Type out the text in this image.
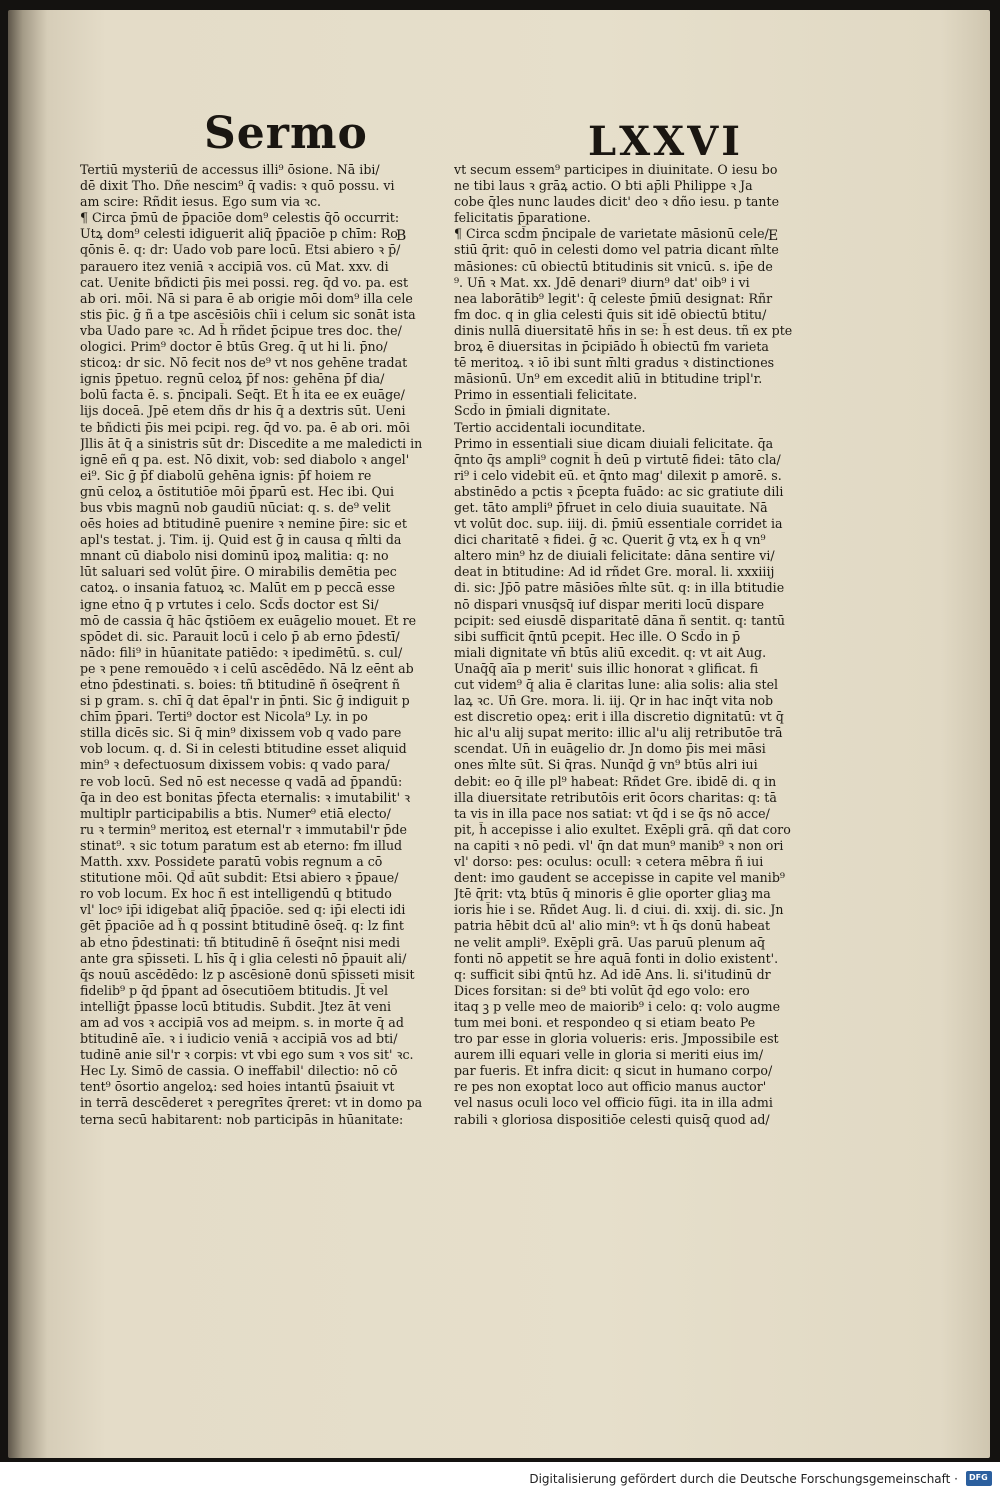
Sermo	LXXVI
Tertiū mysteriū de accessus illi⁹ ōsione. Nā ibi/
dē dixit Tho. Dñe nescim⁹ q̄ vadis: ꝛ quō possu. vi
am scire: Rñdit iesus. Ego sum via ꝛc.
¶ Circa p̄mū de p̄paciōe dom⁹ celestis q̄ō occurrit:
Utꝝ dom⁹ celesti idiguerit aliq̄ p̄paciōe p chīm: Ro
qōnis ē. q: dr: Uado vob pare locū. Etsi abiero ꝛ p̄/
parauero itez veniā ꝛ accipiā vos. cū Mat. xxv. di
cat. Uenite bñdicti p̄is mei possi. reg. q̄d vo. pa. est
ab ori. mōi. Nā si para ē ab origie mōi dom⁹ illa cele
stis p̄ic. ḡ ñ a tpe ascēsiōis chīi i celum sic sonāt ista
vba Uado pare ꝛc. Ad h̄ rñdet p̄cipue tres doc. the/
ologici. Prim⁹ doctor ē btūs Greg. q̄ ut hi li. p̄no/
sticoꝝ: dr sic. Nō fecit nos de⁹ vt nos gehēne tradat
ignis p̄petuo. regnū celoꝝ p̄f nos: gehēna p̄f dia/
bolū facta ē. s. p̄ncipali. Seq̄t. Et h̄ ita ee ex euāge/
lijs doceā. Jpē etem dñs dr his q̄ a dextris sūt. Ueni
te bñdicti p̄is mei pcipi. reg. q̄d vo. pa. ē ab ori. mōi
Jllis āt q̄ a sinistris sūt dr: Discedite a me maledicti in
ignē eñ q pa. est. Nō dixit, vob: sed diabolo ꝛ angel'
ei⁹. Sic ḡ p̄f diabolū gehēna ignis: p̄f hoiem re
gnū celoꝝ a ōstitutiōe mōi p̄parū est. Hec ibi. Qui
bus vbis magnū nob gaudiū nūciat: q. s. de⁹ velit
oēs hoies ad btitudinē puenire ꝛ nemine p̄ire: sic et
apl's testat. j. Tim. ij. Quid est ḡ in causa q m̄lti da
mnant cū diabolo nisi dominū ipoꝝ malitia: q: no
lūt saluari sed volūt p̄ire. O mirabilis demētia pec
catoꝝ. o insania fatuoꝝ ꝛc. Malūt em p peccā esse
igne eṫno q̄ p vrtutes i celo. Scd̄s doctor est Si/
mō de cassia q̄ hāc q̄stiōem ex euāgelio mouet. Et re
spōdet di. sic. Parauit locū i celo p̄ ab erno p̄destī/
nādo: fili⁹ in hūanitate patiēdo: ꝛ ipedimētū. s. cul/
pe ꝛ pene remouēdo ꝛ i celū ascēdēdo. Nā lz eēnt ab
eṫno p̄destinati. s. boies: tñ btitudinē ñ ōseq̄rent ñ
si p gram. s. chī q̄ dat ēpal'r in p̄nti. Sic ḡ indiguit p
chīm p̄pari. Terti⁹ doctor est Nicola⁹ Ly. in po
stilla dicēs sic. Si q̄ min⁹ dixissem vob q vado pare
vob locum. q. d. Si in celesti btitudine esset aliquid
min⁹ ꝛ defectuosum dixissem vobis: q vado para/
re vob locū. Sed nō est necesse q vadā ad p̄pandū:
q̄a in deo est bonitas p̄fecta eternalis: ꝛ imutabilit' ꝛ
multiplr participabilis a btis. Numer⁹ etiā electo/
ru ꝛ termin⁹ meritoꝝ est eternal'r ꝛ immutabil'r p̄de
stinat⁹. ꝛ sic totum paratum est ab eterno: fm illud
Matth. xxv. Possidete paratū vobis regnum a cō
stitutione mōi. Qd̄ aūt subdit: Etsi abiero ꝛ p̄paue/
ro vob locum. Ex hoc ñ est intelligendū q btitudo
vl' locꝰ ip̄i idigebat aliq̄ p̄paciōe. sed q: ip̄i electi idi
gēt p̄paciōe ad h̄ q possint btitudinē ōseq̄. q: lz fint
ab eṫno p̄destinati: tñ btitudinē ñ ōseq̄nt nisi medi
ante gra sp̄isseti. L hīs q̄ i glia celesti nō p̄pauit ali/
q̄s nouū ascēdēdo: lz p ascēsionē donū sp̄isseti misit
fidelib⁹ p q̄d p̄pant ad ōsecutiōem btitudis. Jt̄ vel
intelliḡt p̄passe locū btitudis. Subdit. Jtez āt veni
am ad vos ꝛ accipiā vos ad meipm. s. in morte q̄ ad
btitudinē aīe. ꝛ i iudicio veniā ꝛ accipiā vos ad bti/
tudinē anie sil'r ꝛ corpis: vt vbi ego sum ꝛ vos sit' ꝛc.
Hec Ly. Simō de cassia. O ineffabil' dilectio: nō cō
tent⁹ ōsortio angeloꝝ: sed hoies intantū p̄saiuit vt
in terrā descēderet ꝛ peregrītes q̄reret: vt in domo pa
terna secū habitarent: nob participās in hūanitate:
vt secum essem⁹ participes in diuinitate. O iesu bo
ne tibi laus ꝛ grāꝝ actio. O bti ap̄li Philippe ꝛ Ja
cobe q̄les nunc laudes dicit' deo ꝛ dño iesu. p tante
felicitatis p̄paratione.
¶ Circa scd̄m p̄ncipale de varietate māsionū cele/
stiū q̄rit: quō in celesti domo vel patria dicant m̄lte
māsiones: cū obiectū btitudinis sit vnicū. s. ip̄e de
⁹. Un̄ ꝛ Mat. xx. Jdē denari⁹ diurn⁹ dat' oib⁹ i vi
nea laborātib⁹ legit': q̄ celeste p̄miū designat: Rñr
fm doc. q in glia celesti q̄uis sit idē obiectū btitu/
dinis nullā diuersitatē hñs in se: h̄ est deus. tñ ex pte
broꝝ ē diuersitas in p̄cipiādo h̄ obiectū fm varieta
tē meritoꝝ. ꝛ iō ibi sunt m̄lti gradus ꝛ distinctiones
māsionū. Un⁹ em excedit aliū in btitudine tripl'r.
Primo in essentiali felicitate.
Scd̄o in p̄miali dignitate.
Tertio accidentali iocunditate.
Primo in essentiali siue dicam diuiali felicitate. q̄a
q̄nto q̄s ampli⁹ cognit h̄ deū p virtutē fidei: tāto cla/
ri⁹ i celo videbit eū. et q̄nto mag' dilexit p amorē. s.
abstinēdo a pctis ꝛ p̄cepta fuādo: ac sic gratiute dili
get. tāto ampli⁹ p̄fruet in celo diuia suauitate. Nā
vt volūt doc. sup. iiij. di. p̄miū essentiale corridet ia
dici charitatē ꝛ fidei. ḡ ꝛc. Querit ḡ vtꝝ ex h̄ q vn⁹
altero min⁹ hz de diuiali felicitate: dāna sentire vi/
deat in btitudine: Ad id rñdet Gre. moral. li. xxxiiij
di. sic: Jp̄ō patre māsiōes m̄lte sūt. q: in illa btitudie
nō dispari vnusq̄sq̄ iuf dispar meriti locū dispare
pcipit: sed eiusdē disparitatē dāna ñ sentit. q: tantū
sibi sufficit q̄ntū pcepit. Hec ille. O Scd̄o in p̄
miali dignitate vn̄ btūs aliū excedit. q: vt ait Aug.
Unaq̄q̄ aīa p merit' suis illic honorat ꝛ glificat. fi
cut videm⁹ q̄ alia ē claritas lune: alia solis: alia stel
laꝝ ꝛc. Un̄ Gre. mora. li. iij. Qr in hac inq̄t vita nob
est discretio opeꝝ: erit i illa discretio dignitatū: vt q̄
hic al'u alij supat merito: illic al'u alij retributōe trā
scendat. Un̄ in euāgelio dr. Jn domo p̄is mei māsi
ones m̄lte sūt. Si q̄ras. Nunq̄d ḡ vn⁹ btūs alri iui
debit: eo q̄ ille pl⁹ habeat: Rñdet Gre. ibidē di. q in
illa diuersitate retributōis erit ōcors charitas: q: tā
ta vis in illa pace nos satiat: vt q̄d i se q̄s nō acce/
pit, h̄ accepisse i alio exultet. Exēpli grā. qñ dat coro
na capiti ꝛ nō pedi. vl' q̄n dat mun⁹ manib⁹ ꝛ non ori
vl' dorso: pes: oculus: ocull: ꝛ cetera mēbra ñ iui
dent: imo gaudent se accepisse in capite vel manib⁹
Jtē q̄rit: vtꝝ btūs q̄ minoris ē glie oporter gliaꝫ ma
ioris h̄ie i se. Rñdet Aug. li. d ciui. di. xxij. di. sic. Jn
patria hēbit dcū al' alio min⁹: vt h̄ q̄s donū habeat
ne velit ampli⁹. Exēpli grā. Uas paruū plenum aq̄
fonti nō appetit se h̄re aquā fonti in dolio existent'.
q: sufficit sibi q̄ntū hz. Ad idē Ans. li. si'itudinū dr
Dices forsitan: si de⁹ bti volūt q̄d ego volo: ero
itaq ꝫ p velle meo de maiorib⁹ i celo: q: volo augme
tum mei boni. et respondeo q si etiam beato Pe
tro par esse in gloria volueris: eris. Jmpossibile est
aurem illi equari velle in gloria si meriti eius im/
par fueris. Et infra dicit: q sicut in humano corpo/
re pes non exoptat loco aut officio manus auctor'
vel nasus oculi loco vel officio fūgi. ita in illa admi
rabili ꝛ gloriosa dispositiōe celesti quisq̄ quod ad/
B	E
Digitalisierung gefördert durch die Deutsche Forschungsgemeinschaft · DFG
